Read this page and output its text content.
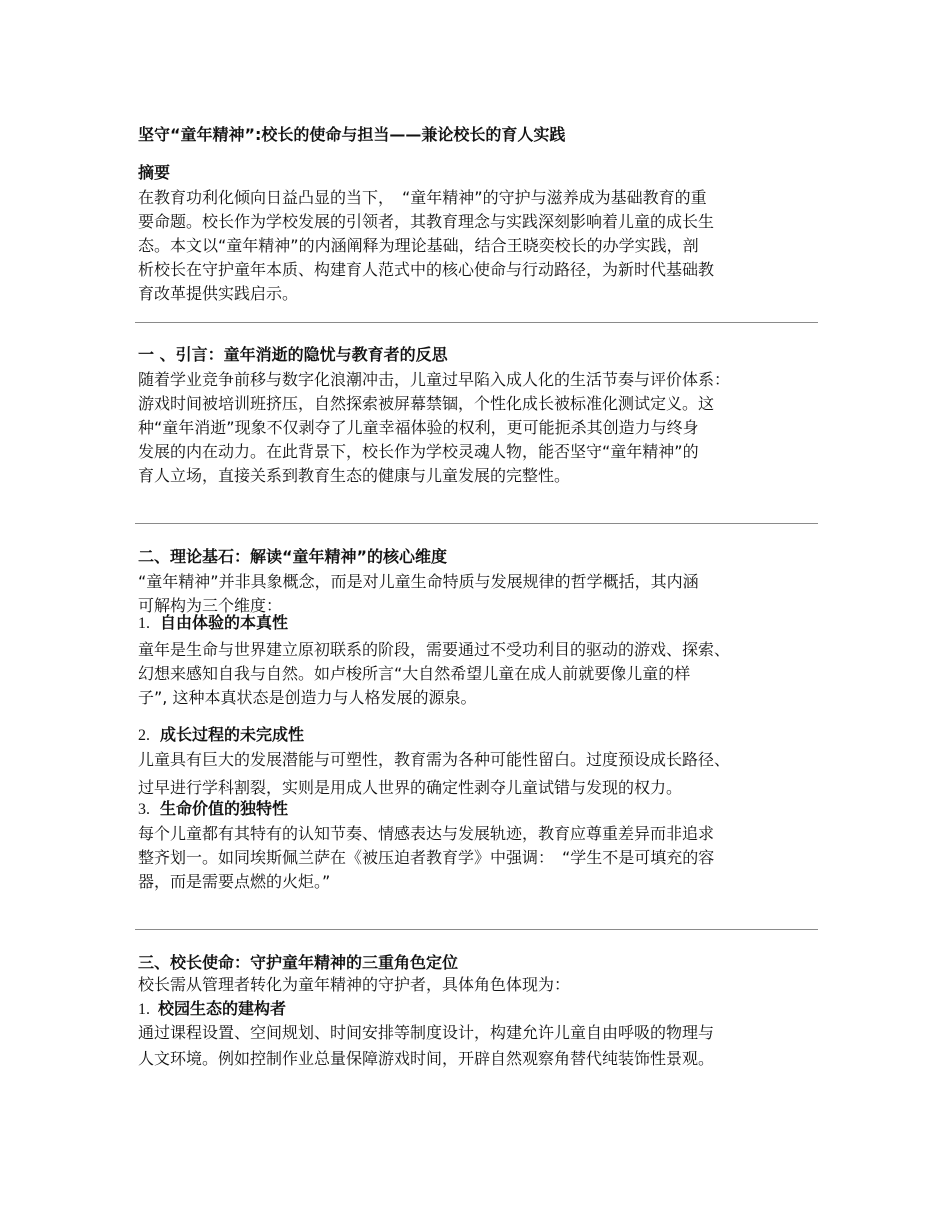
坚守“童年精神”:校长的使命与担当——兼论校长的育人实践
摘要
在教育功利化倾向日益凸显的当下，　“童年精神”的守护与滋养成为基础教育的重
要命题。校长作为学校发展的引领者，其教育理念与实践深刻影响着儿童的成长生
态。本文以“童年精神”的内涵阐释为理论基础，结合王晓奕校长的办学实践，剖
析校长在守护童年本质、构建育人范式中的核心使命与行动路径，为新时代基础教
育改革提供实践启示。
一 、引言：童年消逝的隐忧与教育者的反思
随着学业竞争前移与数字化浪潮冲击，儿童过早陷入成人化的生活节奏与评价体系：
游戏时间被培训班挤压，自然探索被屏幕禁锢，个性化成长被标准化测试定义。这
种“童年消逝”现象不仅剥夺了儿童幸福体验的权利，更可能扼杀其创造力与终身
发展的内在动力。在此背景下，校长作为学校灵魂人物，能否坚守“童年精神”的
育人立场，直接关系到教育生态的健康与儿童发展的完整性。
二、理论基石：解读“童年精神”的核心维度
“童年精神”并非具象概念，而是对儿童生命特质与发展规律的哲学概括，其内涵
可解构为三个维度：
1. 自由体验的本真性
童年是生命与世界建立原初联系的阶段，需要通过不受功利目的驱动的游戏、探索、
幻想来感知自我与自然。如卢梭所言“大自然希望儿童在成人前就要像儿童的样
子”, 这种本真状态是创造力与人格发展的源泉。
2. 成长过程的未完成性
儿童具有巨大的发展潜能与可塑性，教育需为各种可能性留白。过度预设成长路径、
过早进行学科割裂，实则是用成人世界的确定性剥夺儿童试错与发现的权力。
3. 生命价值的独特性
每个儿童都有其特有的认知节奏、情感表达与发展轨迹，教育应尊重差异而非追求
整齐划一。如同埃斯佩兰萨在《被压迫者教育学》中强调：　“学生不是可填充的容
器，而是需要点燃的火炬。”
三、校长使命：守护童年精神的三重角色定位
校长需从管理者转化为童年精神的守护者，具体角色体现为：
1. 校园生态的建构者
通过课程设置、空间规划、时间安排等制度设计，构建允许儿童自由呼吸的物理与
人文环境。例如控制作业总量保障游戏时间，开辟自然观察角替代纯装饰性景观。
